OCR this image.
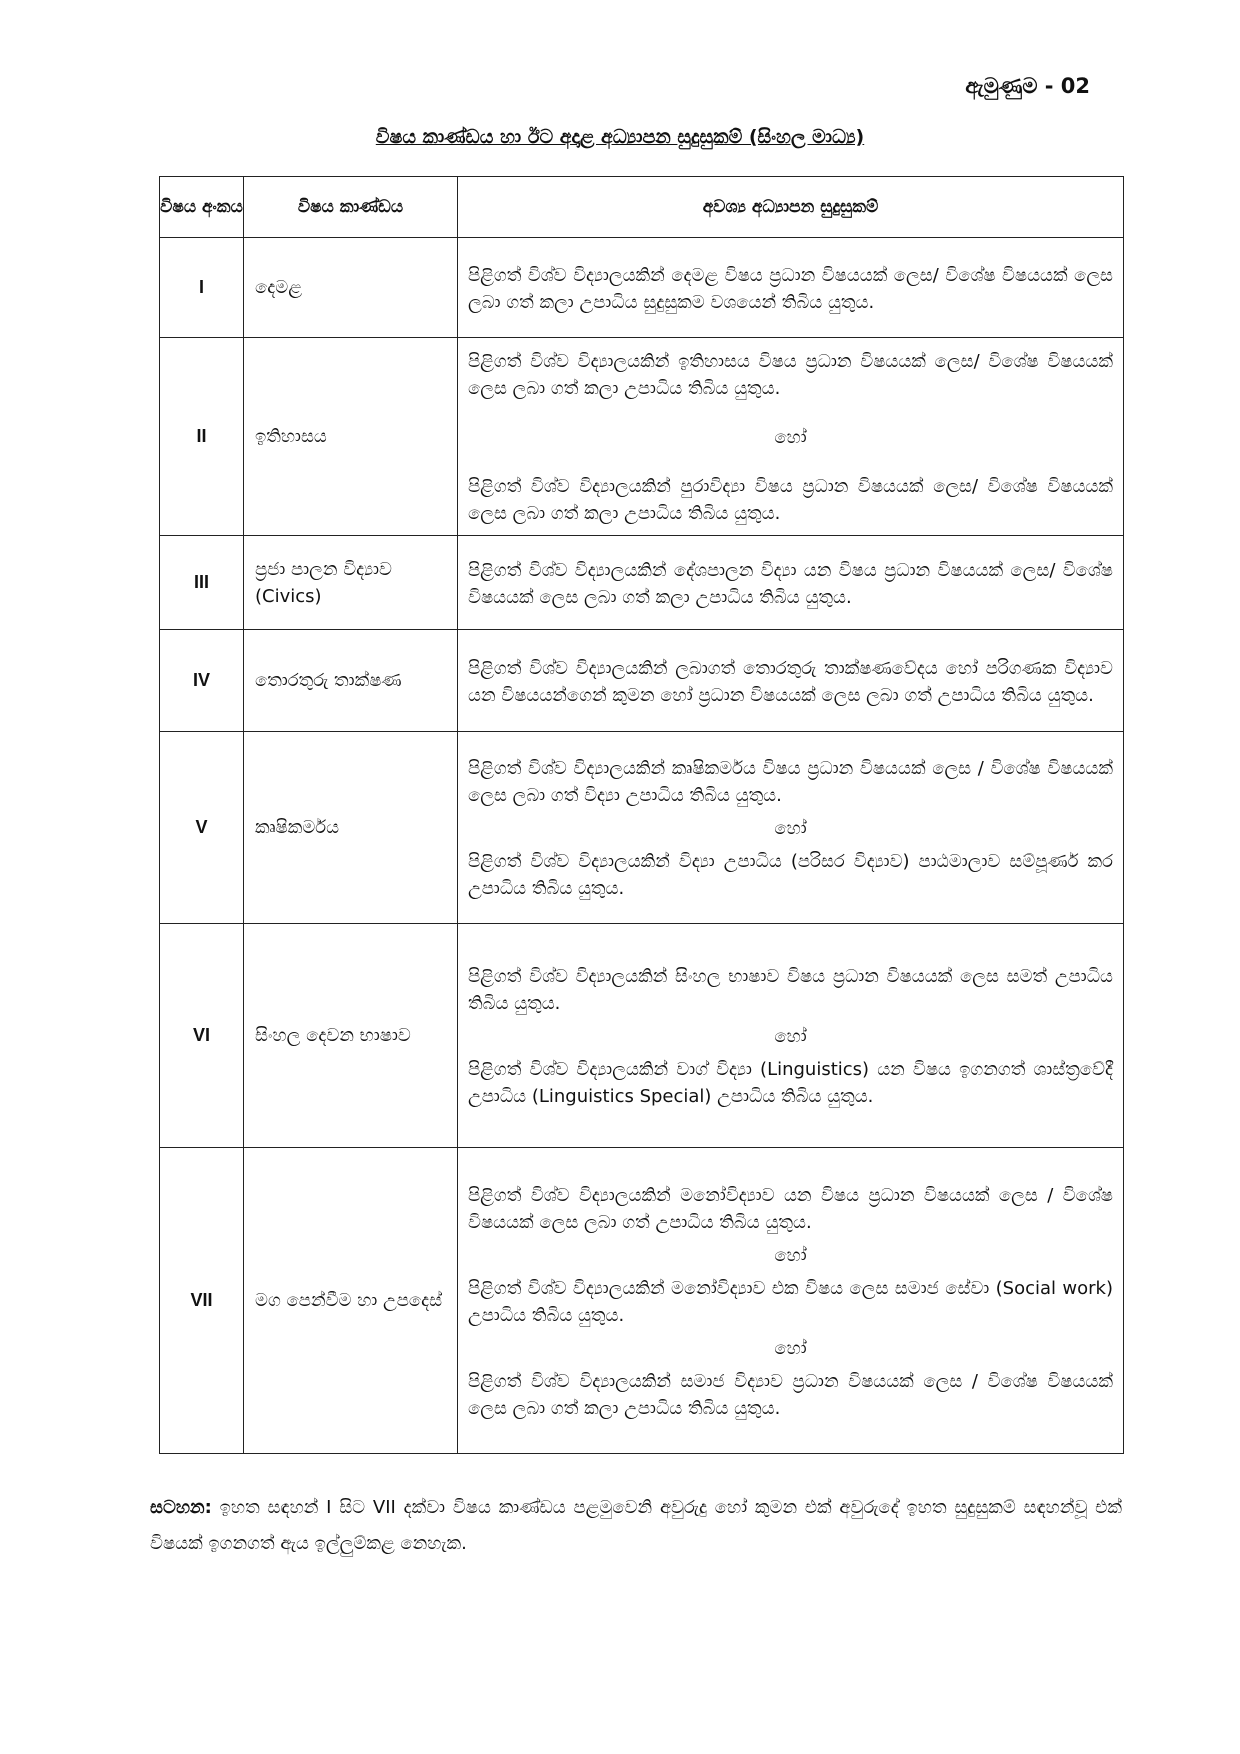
ඇමුණුම - 02
විෂය කාණ්ඩය හා ඊට අදාළ අධ්‍යාපන සුදුසුකම් (සිංහල මාධ්‍ය)
විෂය අංකය	විෂය කාණ්ඩය	අවශ්‍ය අධ්‍යාපන සුදුසුකම්
I	දෙමළ	පිළිගත් විශ්ව විද්‍යාලයකින් දෙමළ විෂය ප්‍රධාන විෂයයක් ලෙස/ විශේෂ විෂයයක් ලෙස ලබා ගත් කලා උපාධිය සුදුසුකම වශයෙන් තිබිය යුතුය.

II	ඉතිහාසය	පිළිගත් විශ්ව විද්‍යාලයකින් ඉතිහාසය විෂය ප්‍රධාන විෂයයක් ලෙස/ විශේෂ විෂයයක් ලෙස ලබා ගත් කලා උපාධිය තිබිය යුතුය.

හෝ

පිළිගත් විශ්ව විද්‍යාලයකින් පුරාවිද්‍යා විෂය ප්‍රධාන විෂයයක් ලෙස/ විශේෂ විෂයයක් ලෙස ලබා ගත් කලා උපාධිය තිබිය යුතුය.

III	ප්‍රජා පාලන විද්‍යාව (Civics)	පිළිගත් විශ්ව විද්‍යාලයකින් දේශපාලන විද්‍යා යන විෂය ප්‍රධාන විෂයයක් ලෙස/ විශේෂ විෂයයක් ලෙස ලබා ගත් කලා උපාධිය තිබිය යුතුය.

IV	තොරතුරු තාක්ෂණ	පිළිගත් විශ්ව විද්‍යාලයකින් ලබාගත් තොරතුරු තාක්ෂණවේදය හෝ පරිගණක විද්‍යාව යන විෂයයන්ගෙන් කුමන හෝ ප්‍රධාන විෂයයක් ලෙස ලබා ගත් උපාධිය තිබිය යුතුය.

V	කෘෂිකර්මය	පිළිගත් විශ්ව විද්‍යාලයකින් කෘෂිකර්මය විෂය ප්‍රධාන විෂයයක් ලෙස / විශේෂ විෂයයක් ලෙස ලබා ගත් විද්‍යා උපාධිය තිබිය යුතුය.

හෝ

පිළිගත් විශ්ව විද්‍යාලයකින් විද්‍යා උපාධිය (පරිසර විද්‍යාව) පාඨමාලාව සම්පූර්ණ කර උපාධිය තිබිය යුතුය.

VI	සිංහල දෙවන භාෂාව	පිළිගත් විශ්ව විද්‍යාලයකින් සිංහල භාෂාව විෂය ප්‍රධාන විෂයයක් ලෙස සමත් උපාධිය තිබිය යුතුය.

හෝ

පිළිගත් විශ්ව විද්‍යාලයකින් වාග් විද්‍යා (Linguistics) යන විෂය ඉගනගත් ශාස්ත්‍රවේදී උපාධිය (Linguistics Special) උපාධිය තිබිය යුතුය.

VII	මග පෙන්වීම හා උපදෙස්	පිළිගත් විශ්ව විද්‍යාලයකින් මනෝවිද්‍යාව යන විෂය ප්‍රධාන විෂයයක් ලෙස / විශේෂ විෂයයක් ලෙස ලබා ගත් උපාධිය තිබිය යුතුය.

හෝ

පිළිගත් විශ්ව විද්‍යාලයකින් මනෝවිද්‍යාව එක විෂය ලෙස සමාජ සේවා (Social work) උපාධිය තිබිය යුතුය.

හෝ

පිළිගත් විශ්ව විද්‍යාලයකින් සමාජ විද්‍යාව ප්‍රධාන විෂයයක් ලෙස / විශේෂ විෂයයක් ලෙස ලබා ගත් කලා උපාධිය තිබිය යුතුය.

සටහන: ඉහත සඳහන් I සිට VII දක්වා විෂය කාණ්ඩය පළමුවෙනි අවුරුදු හෝ කුමන එක් අවුරුදේ ඉහත සුදුසුකම් සඳහන්වූ එක් විෂයක් ඉගනගත් ඇය ඉල්ලුම්කළ නෙහැක.
